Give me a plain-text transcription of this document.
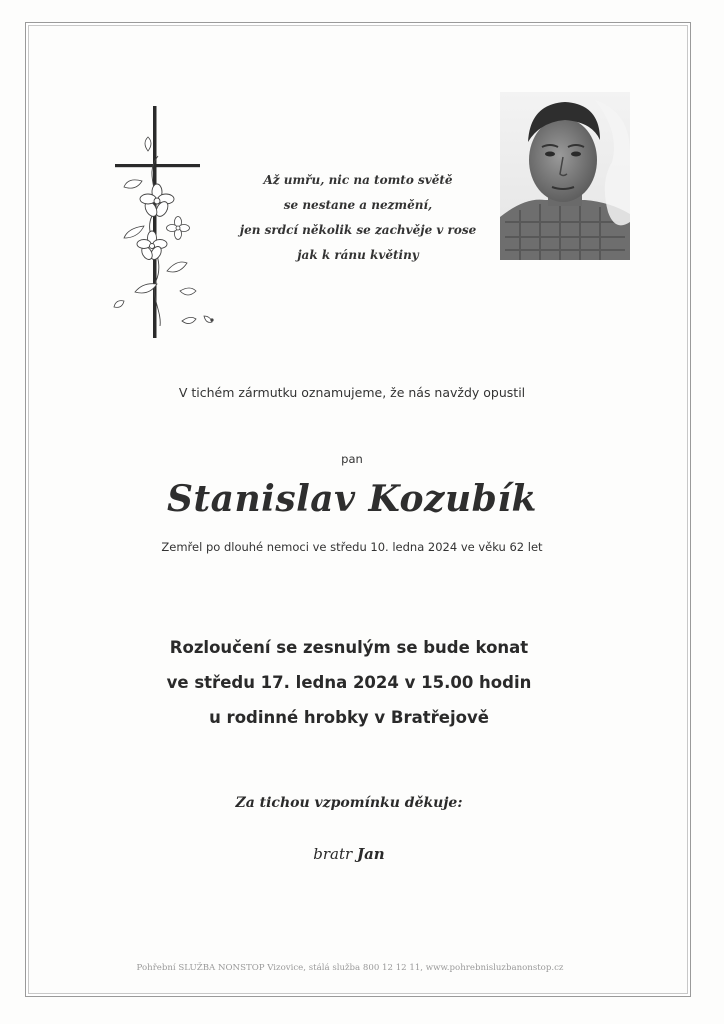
Až umřu, nic na tomto světě
se nestane a nezmění,
jen srdcí několik se zachvěje v rose
jak k ránu květiny
V tichém zármutku oznamujeme, že nás navždy opustil
pan
Stanislav Kozubík
Zemřel po dlouhé nemoci ve středu 10. ledna 2024 ve věku 62 let
Rozloučení se zesnulým se bude konat
ve středu 17. ledna 2024 v 15.00 hodin
u rodinné hrobky v Bratřejově
Za tichou vzpomínku děkuje:
bratr Jan
Pohřební SLUŽBA NONSTOP Vizovice, stálá služba 800 12 12 11, www.pohrebnisluzbanonstop.cz
